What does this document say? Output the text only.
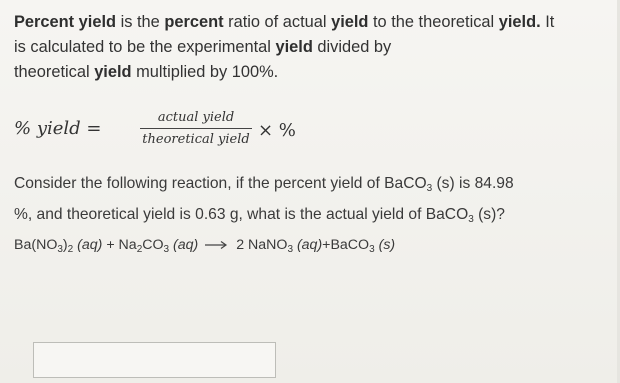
Percent yield is the percent ratio of actual yield to the theoretical yield. It
is calculated to be the experimental yield divided by
theoretical yield multiplied by 100%.
% yield =
actual yield
theoretical yield × %
Consider the following reaction, if the percent yield of BaCO$_3$ (s) is 84.98
%, and theoretical yield is 0.63 g, what is the actual yield of BaCO$_3$ (s)?
$Ba(NO_3)_2$ $(aq) + Na_2CO_3$ (aq) → 2 NaNO$_3$ (aq)+BaCO$_3$ (s)
